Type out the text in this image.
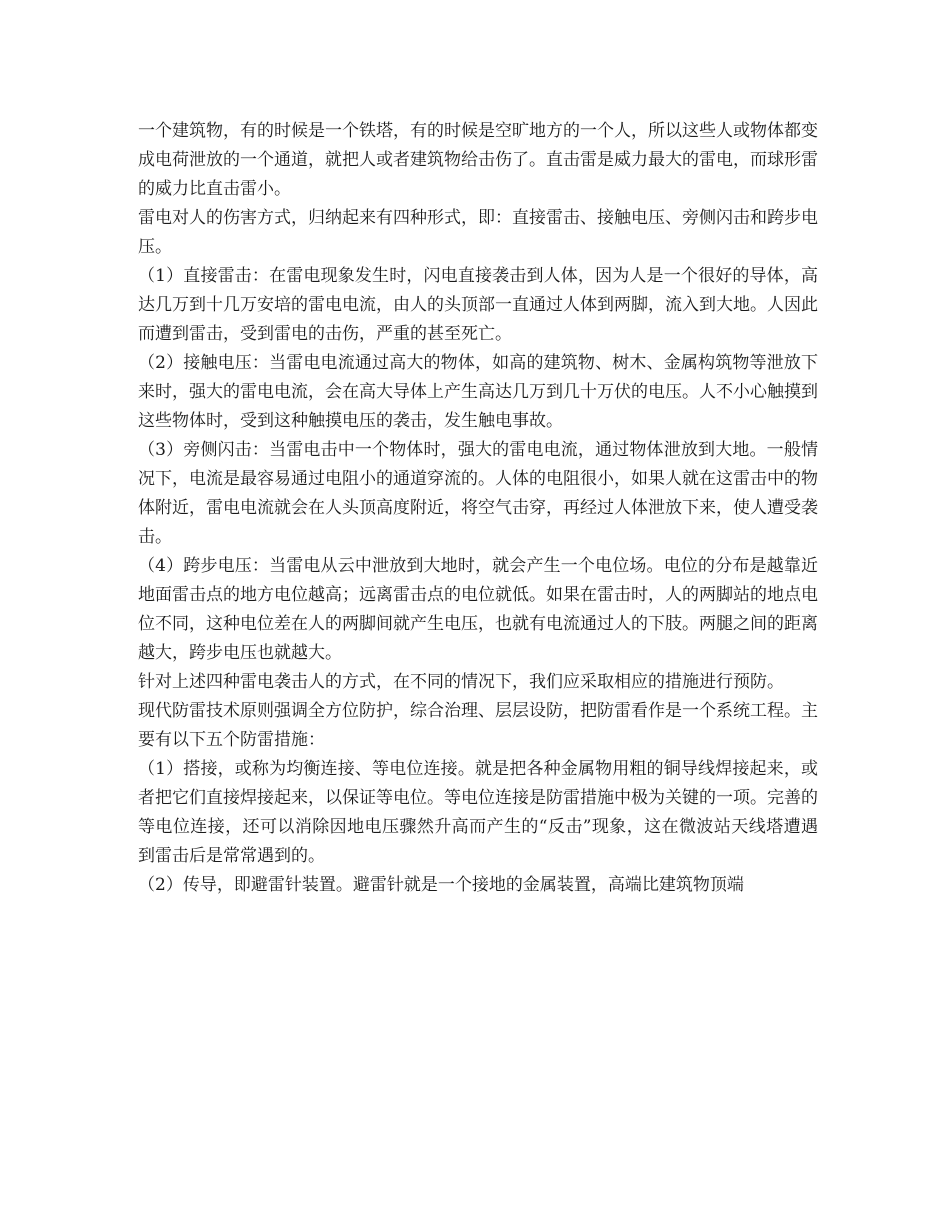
一个建筑物，有的时候是一个铁塔，有的时候是空旷地方的一个人，所以这些人或物体都变成电荷泄放的一个通道，就把人或者建筑物给击伤了。直击雷是威力最大的雷电，而球形雷的威力比直击雷小。

雷电对人的伤害方式，归纳起来有四种形式，即：直接雷击、接触电压、旁侧闪击和跨步电压。

（1）直接雷击：在雷电现象发生时，闪电直接袭击到人体，因为人是一个很好的导体，高达几万到十几万安培的雷电电流，由人的头顶部一直通过人体到两脚，流入到大地。人因此而遭到雷击，受到雷电的击伤，严重的甚至死亡。

（2）接触电压：当雷电电流通过高大的物体，如高的建筑物、树木、金属构筑物等泄放下来时，强大的雷电电流，会在高大导体上产生高达几万到几十万伏的电压。人不小心触摸到这些物体时，受到这种触摸电压的袭击，发生触电事故。

（3）旁侧闪击：当雷电击中一个物体时，强大的雷电电流，通过物体泄放到大地。一般情况下，电流是最容易通过电阻小的通道穿流的。人体的电阻很小，如果人就在这雷击中的物体附近，雷电电流就会在人头顶高度附近，将空气击穿，再经过人体泄放下来，使人遭受袭击。

（4）跨步电压：当雷电从云中泄放到大地时，就会产生一个电位场。电位的分布是越靠近地面雷击点的地方电位越高；远离雷击点的电位就低。如果在雷击时，人的两脚站的地点电位不同，这种电位差在人的两脚间就产生电压，也就有电流通过人的下肢。两腿之间的距离越大，跨步电压也就越大。

针对上述四种雷电袭击人的方式，在不同的情况下，我们应采取相应的措施进行预防。

现代防雷技术原则强调全方位防护，综合治理、层层设防，把防雷看作是一个系统工程。主要有以下五个防雷措施：

（1）搭接，或称为均衡连接、等电位连接。就是把各种金属物用粗的铜导线焊接起来，或者把它们直接焊接起来，以保证等电位。等电位连接是防雷措施中极为关键的一项。完善的等电位连接，还可以消除因地电压骤然升高而产生的“反击”现象，这在微波站天线塔遭遇到雷击后是常常遇到的。

（2）传导，即避雷针装置。避雷针就是一个接地的金属装置，高端比建筑物顶端
